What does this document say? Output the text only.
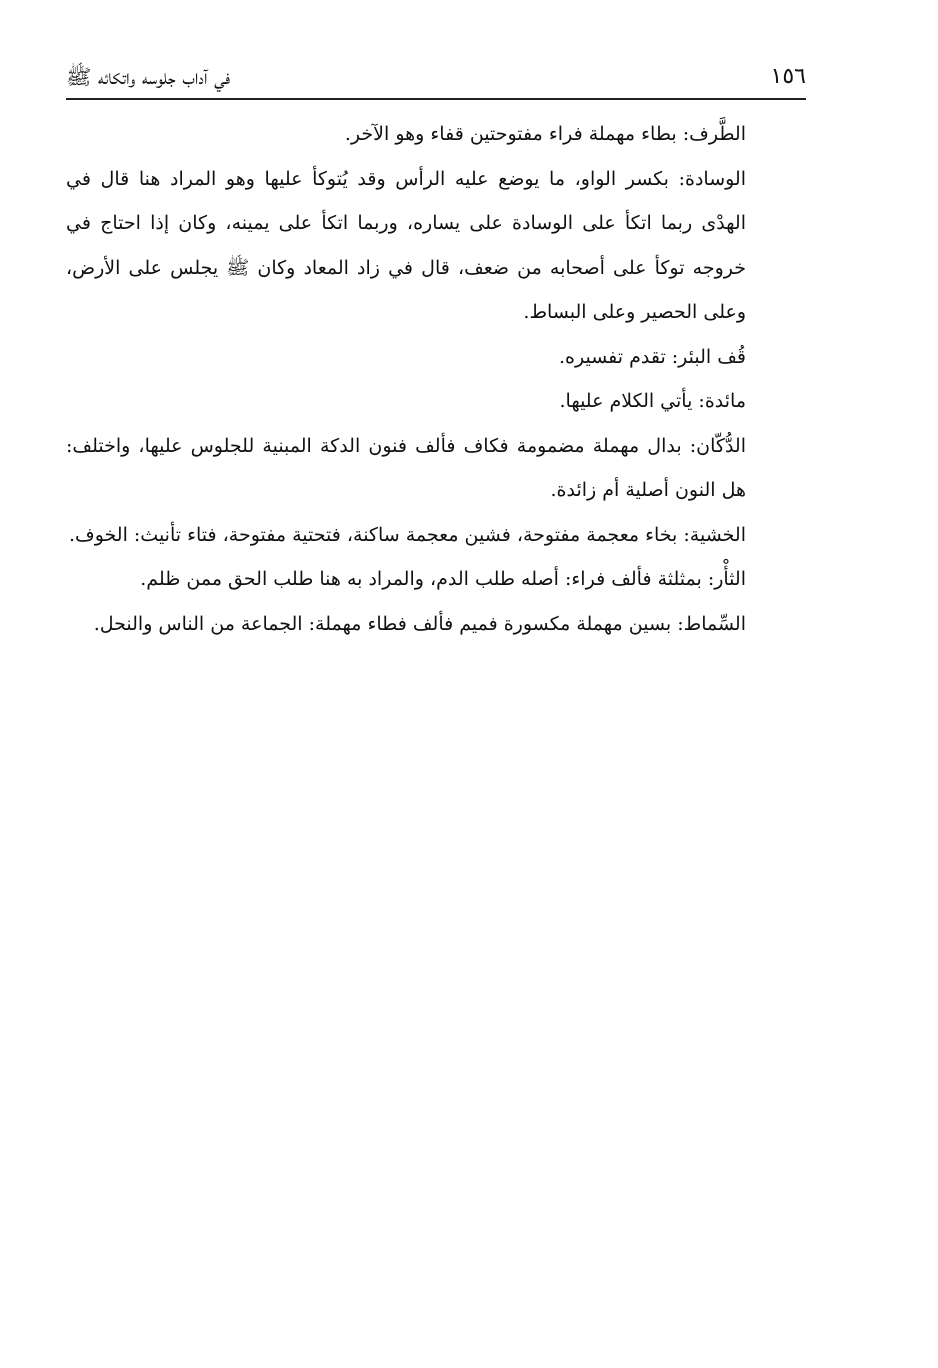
١٥٦
في آداب جلوسه واتكائه ﷺ

الطَّرف: بطاء مهملة فراء مفتوحتين قفاء وهو الآخر.

الوسادة: بكسر الواو، ما يوضع عليه الرأس وقد يُتوكأ عليها وهو المراد هنا قال في الهدْى ربما اتكأ على الوسادة على يساره، وربما اتكأ على يمينه، وكان إذا احتاج في خروجه توكأ على أصحابه من ضعف، قال في زاد المعاد وكان ﷺ يجلس على الأرض، وعلى الحصير وعلى البساط.

قُف البئر: تقدم تفسيره.

مائدة: يأتي الكلام عليها.

الدُّكّان: بدال مهملة مضمومة فكاف فألف فنون الدكة المبنية للجلوس عليها، واختلف: هل النون أصلية أم زائدة.

الخشية: بخاء معجمة مفتوحة، فشين معجمة ساكنة، فتحتية مفتوحة، فتاء تأنيث: الخوف.

الثأْر: بمثلثة فألف فراء: أصله طلب الدم، والمراد به هنا طلب الحق ممن ظلم.

السِّماط: بسين مهملة مكسورة فميم فألف فطاء مهملة: الجماعة من الناس والنحل.
